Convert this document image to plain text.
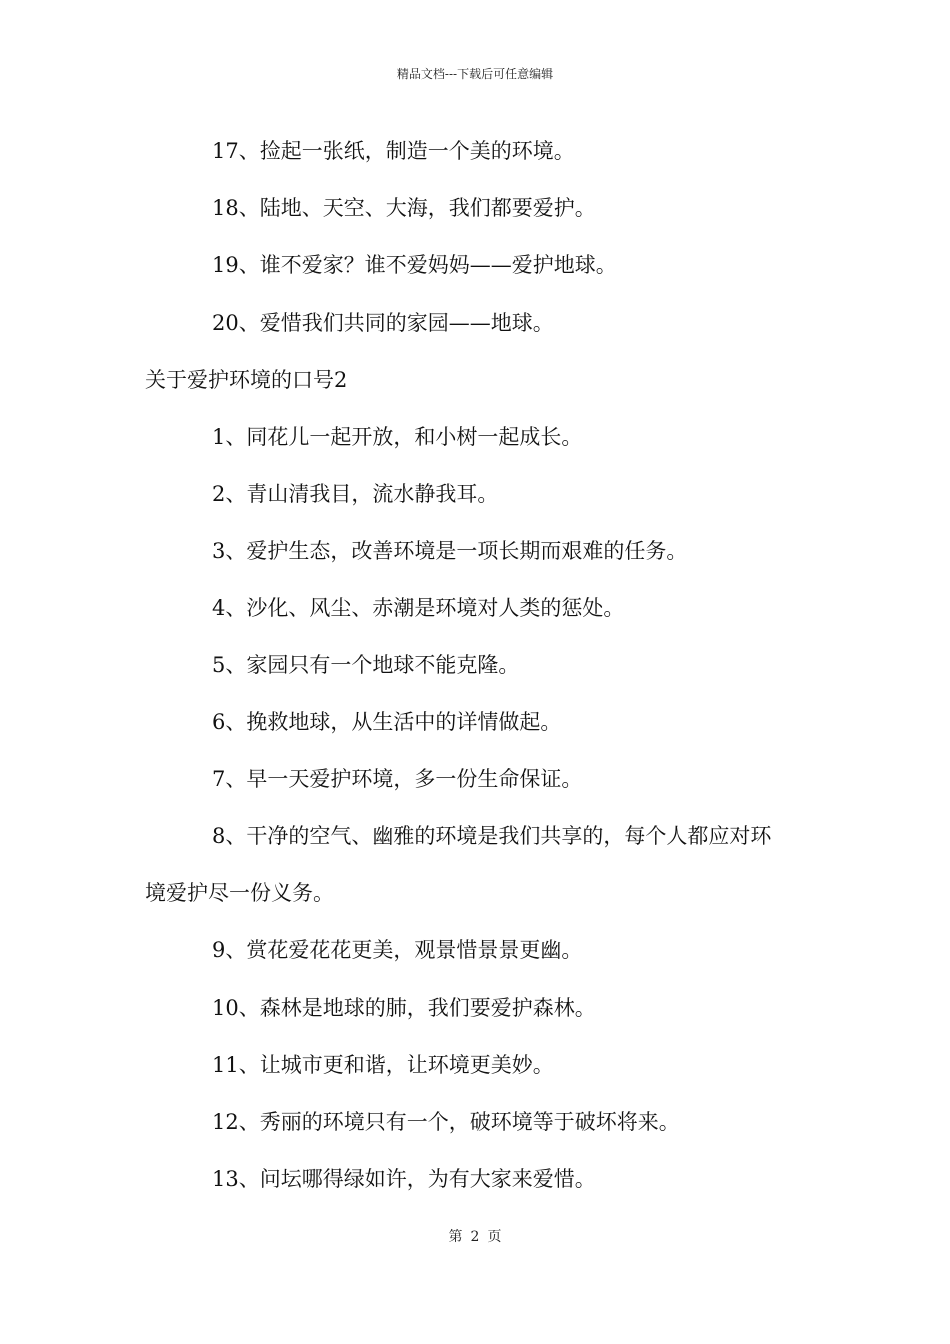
精品文档---下载后可任意编辑
17、捡起一张纸，制造一个美的环境。
18、陆地、天空、大海，我们都要爱护。
19、谁不爱家？谁不爱妈妈——爱护地球。
20、爱惜我们共同的家园——地球。
关于爱护环境的口号2
1、同花儿一起开放，和小树一起成长。
2、青山清我目，流水静我耳。
3、爱护生态，改善环境是一项长期而艰难的任务。
4、沙化、风尘、赤潮是环境对人类的惩处。
5、家园只有一个地球不能克隆。
6、挽救地球，从生活中的详情做起。
7、早一天爱护环境，多一份生命保证。
8、干净的空气、幽雅的环境是我们共享的，每个人都应对环
境爱护尽一份义务。
9、赏花爱花花更美，观景惜景景更幽。
10、森林是地球的肺，我们要爱护森林。
11、让城市更和谐，让环境更美妙。
12、秀丽的环境只有一个，破环境等于破坏将来。
13、问坛哪得绿如许，为有大家来爱惜。
第 2 页
